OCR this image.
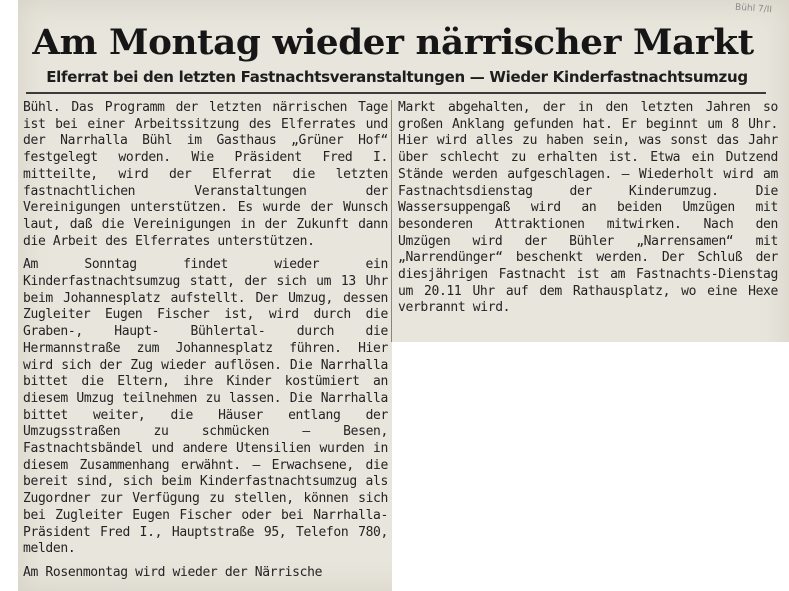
Bühl 7/II
Am Montag wieder närrischer Markt
Elferrat bei den letzten Fastnachtsveranstaltungen — Wieder Kinderfastnachtsumzug

Bühl. Das Programm der letzten närrischen Tage ist bei einer Arbeitssitzung des Elferrates und der Narrhalla Bühl im Gasthaus „Grüner Hof“ festgelegt worden. Wie Präsident Fred I. mitteilte, wird der Elferrat die letzten fastnachtlichen Veranstaltungen der Vereinigungen unterstützen. Es wurde der Wunsch laut, daß die Vereinigungen in der Zukunft dann die Arbeit des Elferrates unterstützen.

Am Sonntag findet wieder ein Kinderfastnachtsumzug statt, der sich um 13 Uhr beim Johannesplatz aufstellt. Der Umzug, dessen Zugleiter Eugen Fischer ist, wird durch die Graben-, Haupt- Bühlertal- durch die Hermannstraße zum Johannesplatz führen. Hier wird sich der Zug wieder auflösen. Die Narrhalla bittet die Eltern, ihre Kinder kostümiert an diesem Umzug teilnehmen zu lassen. Die Narrhalla bittet weiter, die Häuser entlang der Umzugsstraßen zu schmücken — Besen, Fastnachtsbändel und andere Utensilien wurden in diesem Zusammenhang erwähnt. — Erwachsene, die bereit sind, sich beim Kinderfastnachtsumzug als Zugordner zur Verfügung zu stellen, können sich bei Zugleiter Eugen Fischer oder bei Narrhalla-Präsident Fred I., Hauptstraße 95, Telefon 780, melden.

Am Rosenmontag wird wieder der Närrische

Markt abgehalten, der in den letzten Jahren so großen Anklang gefunden hat. Er beginnt um 8 Uhr. Hier wird alles zu haben sein, was sonst das Jahr über schlecht zu erhalten ist. Etwa ein Dutzend Stände werden aufgeschlagen. — Wiederholt wird am Fastnachtsdienstag der Kinderumzug. Die Wassersuppengaß wird an beiden Umzügen mit besonderen Attraktionen mitwirken. Nach den Umzügen wird der Bühler „Narrensamen“ mit „Narrendünger“ beschenkt werden. Der Schluß der diesjährigen Fastnacht ist am Fastnachts-Dienstag um 20.11 Uhr auf dem Rathausplatz, wo eine Hexe verbrannt wird.
